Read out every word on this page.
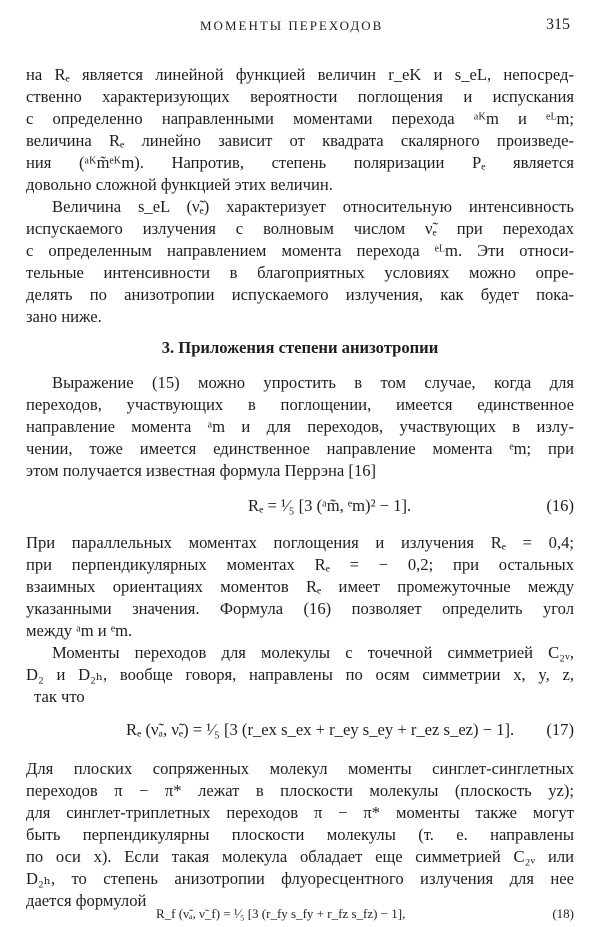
МОМЕНТЫ ПЕРЕХОДОВ	315
на Rₑ является линейной функцией величин r_eK и s_eL, непосред-
ственно характеризующих вероятности поглощения и испускания
с определенно направленными моментами перехода ᵃᴷm и ᵉᴸm;
величина Rₑ линейно зависит от квадрата скалярного произведе-
ния (ᵃᴷm̃ᵉᴷm). Напротив, степень поляризации Pₑ является
довольно сложной функцией этих величин.
Величина s_eL (ν̃ₑ) характеризует относительную интенсивность
испускаемого излучения с волновым числом ν̃ₑ при переходах
с определенным направлением момента перехода ᵉᴸm. Эти относи-
тельные интенсивности в благоприятных условиях можно опре-
делять по анизотропии испускаемого излучения, как будет пока-
зано ниже.
3. Приложения степени анизотропии
Выражение (15) можно упростить в том случае, когда для
переходов, участвующих в поглощении, имеется единственное
направление момента ᵃm и для переходов, участвующих в излу-
чении, тоже имеется единственное направление момента ᵉm; при
этом получается известная формула Перрэна [16]
Rₑ = ¹⁄₅ [3 (ᵃm̃, ᵉm)² − 1].	(16)
При параллельных моментах поглощения и излучения Rₑ = 0,4;
при перпендикулярных моментах Rₑ = − 0,2; при остальных
взаимных ориентациях моментов Rₑ имеет промежуточные между
указанными значения. Формула (16) позволяет определить угол
между ᵃm и ᵉm.
Моменты переходов для молекулы с точечной симметрией C₂ᵥ,
D₂ и D₂ₕ, вообще говоря, направлены по осям симметрии x, y, z,
так что
Rₑ (ν̃ₐ, ν̃ₑ) = ¹⁄₅ [3 (r_ex s_ex + r_ey s_ey + r_ez s_ez) − 1]. (17)
Для плоских сопряженных молекул моменты синглет-синглетных
переходов π − π* лежат в плоскости молекулы (плоскость yz);
для синглет-триплетных переходов π − π* моменты также могут
быть перпендикулярны плоскости молекулы (т. е. направлены
по оси x). Если такая молекула обладает еще симметрией C₂ᵥ или
D₂ₕ, то степень анизотропии флуоресцентного излучения для нее
дается формулой
R_f (ν̃ₐ, ν̃_f) = ¹⁄₅ [3 (r_fy s_fy + r_fz s_fz) − 1],	(18)
